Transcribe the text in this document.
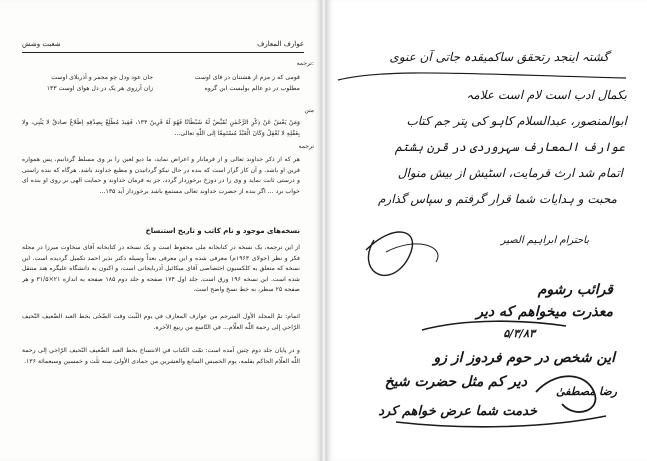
شعبت وشش	عوارف المعارف
ترجمه:
قومی که ز مزم از هشتنان در قای اوست
جان عود ودل چو مجمر و آذربلای اوست
مطلوب در دو عالم بولیست این گروه
زان آرزوی هر یک در دل هوای اوست ۱۳۳
متن
وَمَنْ يَعْشُ عَنْ ذِكْرِ الرَّحْمٰنِ نُقَيِّضْ لَهُ شَيْطَانًا فَهُوَ لَهُ قَرِينٌ ۱۳۴، فَقِيدَ مُطَّلِعٌ بِصِدْقِهِ اِطِّلاعٌ صادقٌ لا يَثْنِي، ولا بِعَقْلِهِ لا تُعْقِلُ وَكَانَ الْعَبْدُ مُسْتَمِعًا إلى اللّٰهِ تعالى...
ترجمه
هر که از ذکر خداوند تعالی و از قرمانار و اعراض نماید، ما دیو لعین را بر وی مسلط گردانیم، پس همواره قرین او باشد. و آن کار گزار است که بنده در حال نیکو گردانیدن و مطیع خداوند باشد. هرگاه که بنده راستی و درستی ثابت نماید و وی را در دوزخ برخوردار گردد، جز به فرمان خداوند و حمایت الهی بر روی او بنده ای خواب برد ... اگر بنده از حضرت خداوند تعالی مستمع باشد برخوردار آید ۱۳۵...
نسخه‌های موجود و نام کاتب و تاریخ استنساخ
از این ترجمه، یک نسخه در کتابخانه ملی محفوظ است و یک نسخه در کتابخانه آقای سخاوت میرزا در مجله فکر و نظر (جولای ۱۹۶۳م) معرفی شده و این معرفی بعداً وسیله دکتر نذیر احمد تکمیل گردیده است. این نسخه که متعلق به کلکسیون اختصاصی آقای میکائیل آذربایجانی است، و اکنون به دانشگاه علیگره هند منتقل شده است. این نسخه ۱۹۶ ورق است. جلد اول ۱۷۴ صفحه و جلد دوم ۱۸۵ صفحه به اندازه ۲۱×۳۱/۵ و هر صفحه ۲۵ سطر، به خط نسخ واضح است.
اتمام: تمّ المجلد الأول المترجم من عوارف المعارف في يوم الثّبت وقت الضّحٰى بخط العبد الضّعيف النّحيف الرّاجي إلى رحمة اللّٰه العلّام... في التّاسع من ربيع الآخرة.
و در پایان جلد دوم چنین آمده است: تمّت الکتاب في الانتساخ بخط العبد الضّعيف النّحيف الرّاجي إلى رحمة اللّٰه العلّام الحاكم بقلمه، يوم الخميس السابع والعشرين من جمادی الأولیٰ سنه ثلٰث و خمسين وسبعمائة ۱۳۶.
گشتہ اینجد رتحقق ساکمیقدہ جاتی آن عنوی
بکمال ادب است لام است علامہ
ابوالمنصور، عبدالسلام کاہو کی پتر جم کتاب
عوارف المعارف سہروردی در قرن ہشتم
اتمام شد ارث قرمایت، اسٹیش از بیش منوال
محبت و ہدایات شما قرار گرفتم و سپاس گذارم
باحترام ابراہیم الصیر
قرائب رشوم
معذرت میخواهم که دیر
۵/۳/۸۳
این شخص در حوم فردوز از زو
دیر کم مثل حضرت شیخ
خدمت شما عرض خواهم کرد
رضا مصطفیٰ
